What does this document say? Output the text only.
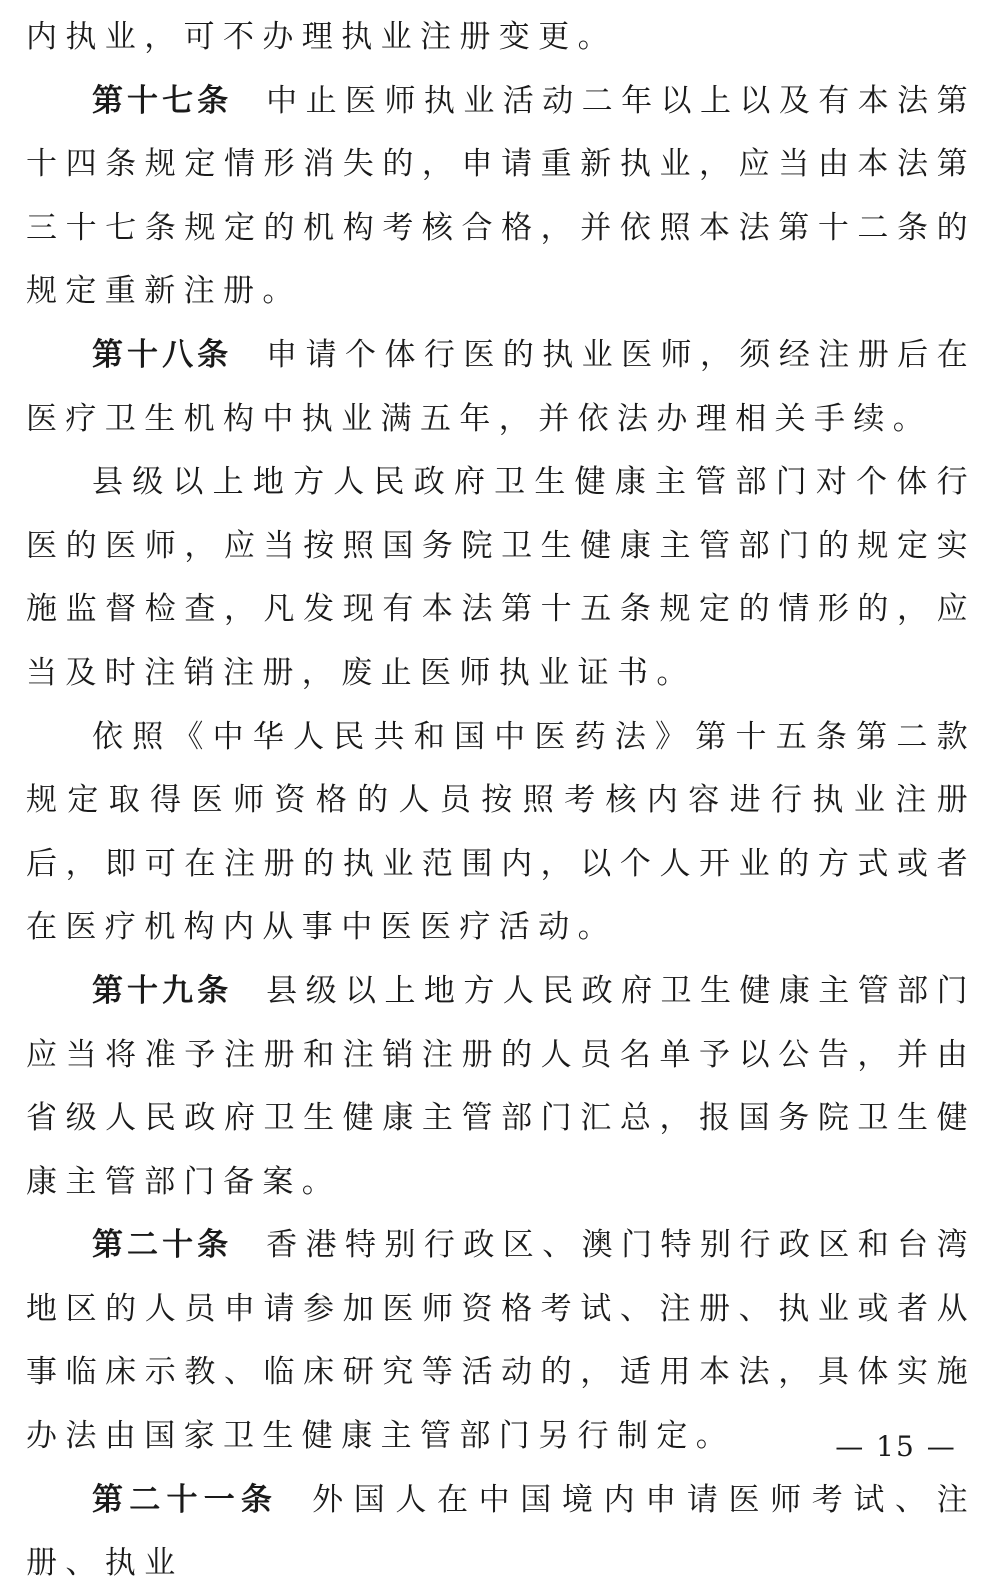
内执业，可不办理执业注册变更。

第十七条 中止医师执业活动二年以上以及有本法第十四条规定情形消失的，申请重新执业，应当由本法第三十七条规定的机构考核合格，并依照本法第十二条的规定重新注册。

第十八条 申请个体行医的执业医师，须经注册后在医疗卫生机构中执业满五年，并依法办理相关手续。

县级以上地方人民政府卫生健康主管部门对个体行医的医师，应当按照国务院卫生健康主管部门的规定实施监督检查，凡发现有本法第十五条规定的情形的，应当及时注销注册，废止医师执业证书。

依照《中华人民共和国中医药法》第十五条第二款规定取得医师资格的人员按照考核内容进行执业注册后，即可在注册的执业范围内，以个人开业的方式或者在医疗机构内从事中医医疗活动。

第十九条 县级以上地方人民政府卫生健康主管部门应当将准予注册和注销注册的人员名单予以公告，并由省级人民政府卫生健康主管部门汇总，报国务院卫生健康主管部门备案。

第二十条 香港特别行政区、澳门特别行政区和台湾地区的人员申请参加医师资格考试、注册、执业或者从事临床示教、临床研究等活动的，适用本法，具体实施办法由国家卫生健康主管部门另行制定。

第二十一条 外国人在中国境内申请医师考试、注册、执业

— 15 —
